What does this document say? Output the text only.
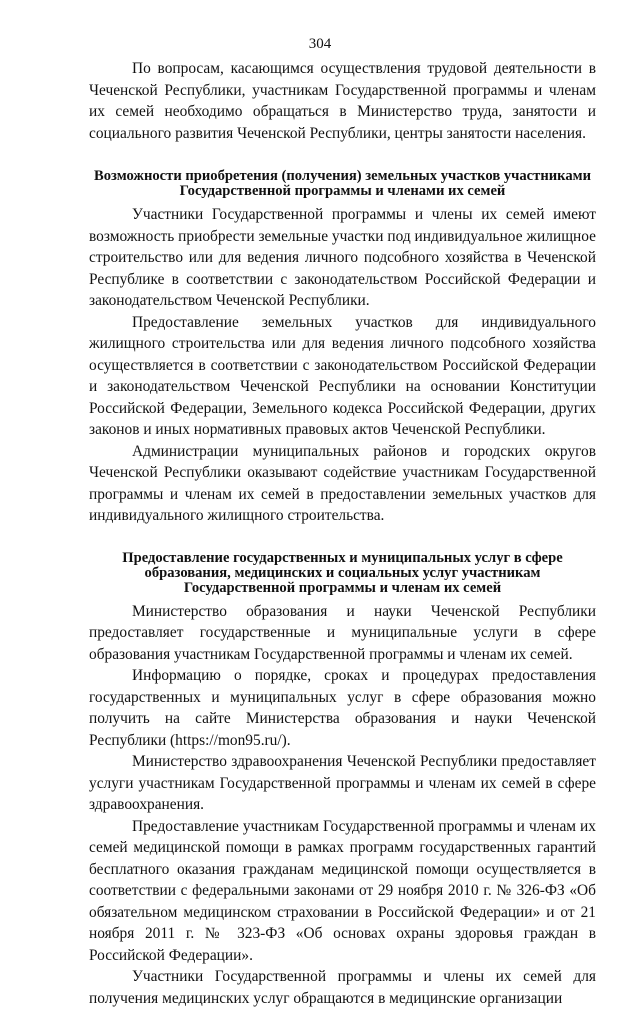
304

По вопросам, касающимся осуществления трудовой деятельности в Чеченской Республики, участникам Государственной программы и членам их семей необходимо обращаться в Министерство труда, занятости и социального развития Чеченской Республики, центры занятости населения.

Возможности приобретения (получения) земельных участков участниками Государственной программы и членами их семей

Участники Государственной программы и члены их семей имеют возможность приобрести земельные участки под индивидуальное жилищное строительство или для ведения личного подсобного хозяйства в Чеченской Республике в соответствии с законодательством Российской Федерации и законодательством Чеченской Республики.

Предоставление земельных участков для индивидуального жилищного строительства или для ведения личного подсобного хозяйства осуществляется в соответствии с законодательством Российской Федерации и законодательством Чеченской Республики на основании Конституции Российской Федерации, Земельного кодекса Российской Федерации, других законов и иных нормативных правовых актов Чеченской Республики.

Администрации муниципальных районов и городских округов Чеченской Республики оказывают содействие участникам Государственной программы и членам их семей в предоставлении земельных участков для индивидуального жилищного строительства.

Предоставление государственных и муниципальных услуг в сфере образования, медицинских и социальных услуг участникам Государственной программы и членам их семей

Министерство образования и науки Чеченской Республики предоставляет государственные и муниципальные услуги в сфере образования участникам Государственной программы и членам их семей.

Информацию о порядке, сроках и процедурах предоставления государственных и муниципальных услуг в сфере образования можно получить на сайте Министерства образования и науки Чеченской Республики (https://mon95.ru/).

Министерство здравоохранения Чеченской Республики предоставляет услуги участникам Государственной программы и членам их семей в сфере здравоохранения.

Предоставление участникам Государственной программы и членам их семей медицинской помощи в рамках программ государственных гарантий бесплатного оказания гражданам медицинской помощи осуществляется в соответствии с федеральными законами от 29 ноября 2010 г. № 326-ФЗ «Об обязательном медицинском страховании в Российской Федерации» и от 21 ноября 2011 г. № 323-ФЗ «Об основах охраны здоровья граждан в Российской Федерации».

Участники Государственной программы и члены их семей для получения медицинских услуг обращаются в медицинские организации
